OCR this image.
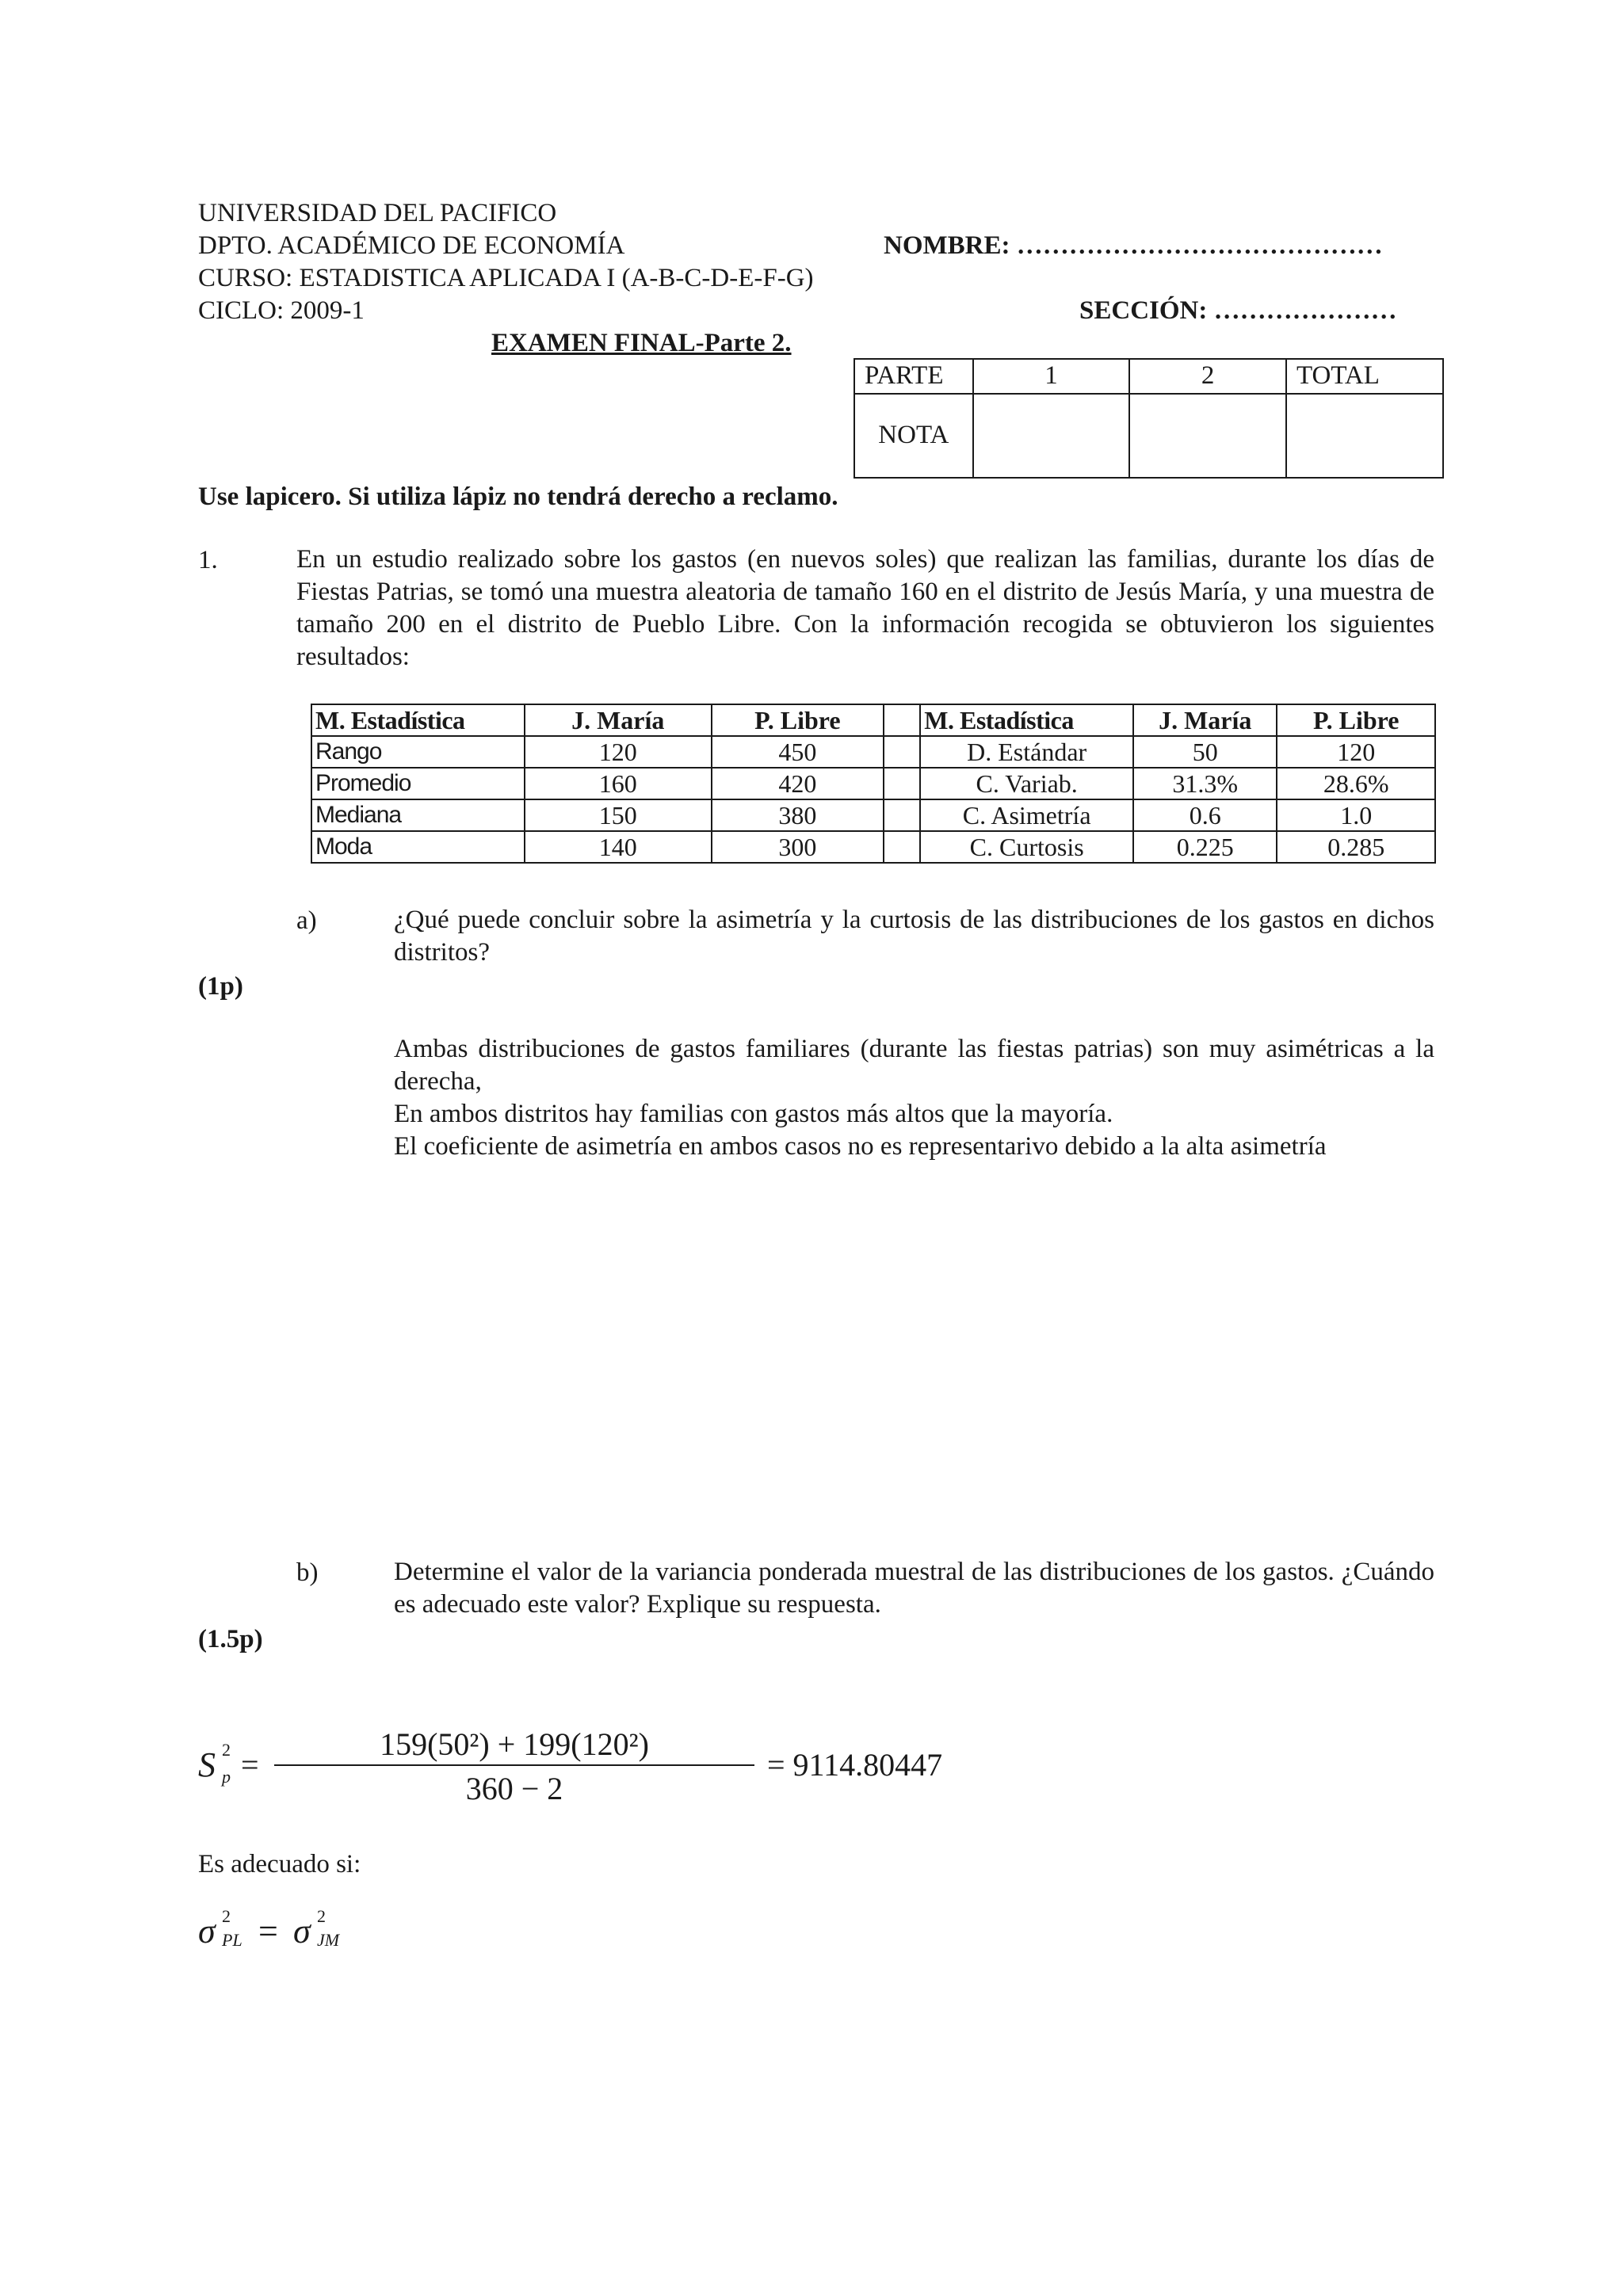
UNIVERSIDAD DEL PACIFICO
DPTO. ACADÉMICO DE ECONOMÍA
CURSO: ESTADISTICA APLICADA I (A-B-C-D-E-F-G)
CICLO: 2009-1
EXAMEN FINAL-Parte 2.
NOMBRE: ……………………………………
SECCIÓN: …………………
PARTE	1	2	TOTAL
NOTA			
Use lapicero. Si utiliza lápiz no tendrá derecho a reclamo.
1.	En un estudio realizado sobre los gastos (en nuevos soles) que realizan las familias, durante los días de Fiestas Patrias, se tomó una muestra aleatoria de tamaño 160 en el distrito de Jesús María, y una muestra de tamaño 200 en el distrito de Pueblo Libre. Con la información recogida se obtuvieron los siguientes resultados:
M. Estadística	J. María	P. Libre		M. Estadística	J. María	P. Libre
Rango	120	450		D. Estándar	50	120
Promedio	160	420		C. Variab.	31.3%	28.6%
Mediana	150	380		C. Asimetría	0.6	1.0
Moda	140	300		C. Curtosis	0.225	0.285
a)	¿Qué puede concluir sobre la asimetría y la curtosis de las distribuciones de los gastos en dichos distritos?
(1p)
Ambas distribuciones de gastos familiares (durante las fiestas patrias) son muy asimétricas a la derecha,
En ambos distritos hay familias con gastos más altos que la mayoría.
El coeficiente de asimetría en ambos casos no es representarivo debido a la alta asimetría
b)	Determine el valor de la variancia ponderada muestral de las distribuciones de los gastos. ¿Cuándo es adecuado este valor? Explique su respuesta.
(1.5p)
S 2
p =
159(50²) + 199(120²)
360 − 2
= 9114.80447
Es adecuado si:
σ 2
PL = σ 2
JM
